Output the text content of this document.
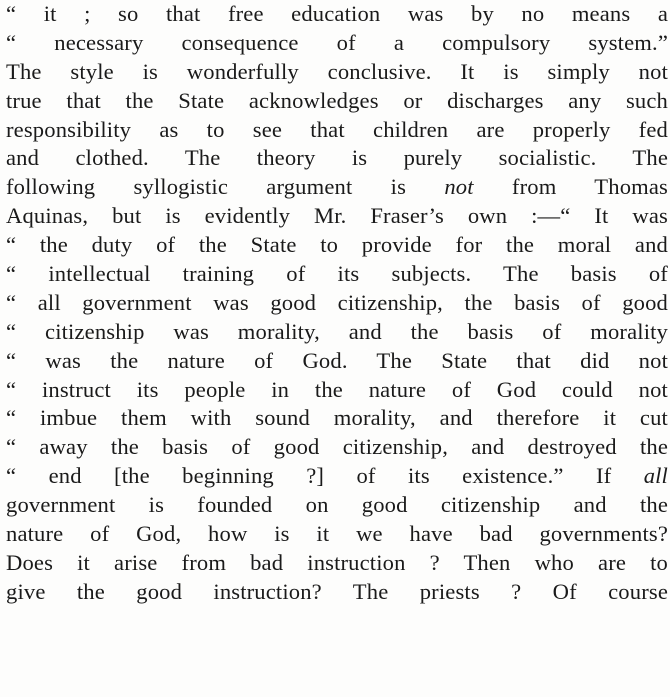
“ it ; so that free education was by no means a
“ necessary consequence of a compulsory system.”
The style is wonderfully conclusive. It is simply not
true that the State acknowledges or discharges any such
responsibility as to see that children are properly fed
and clothed. The theory is purely socialistic. The
following syllogistic argument is not from Thomas
Aquinas, but is evidently Mr. Fraser’s own :—“ It was
“ the duty of the State to provide for the moral and
“ intellectual training of its subjects. The basis of
“ all government was good citizenship, the basis of good
“ citizenship was morality, and the basis of morality
“ was the nature of God. The State that did not
“ instruct its people in the nature of God could not
“ imbue them with sound morality, and therefore it cut
“ away the basis of good citizenship, and destroyed the
“ end [the beginning ?] of its existence.” If all
government is founded on good citizenship and the
nature of God, how is it we have bad governments?
Does it arise from bad instruction ? Then who are to
give the good instruction? The priests ? Of course
